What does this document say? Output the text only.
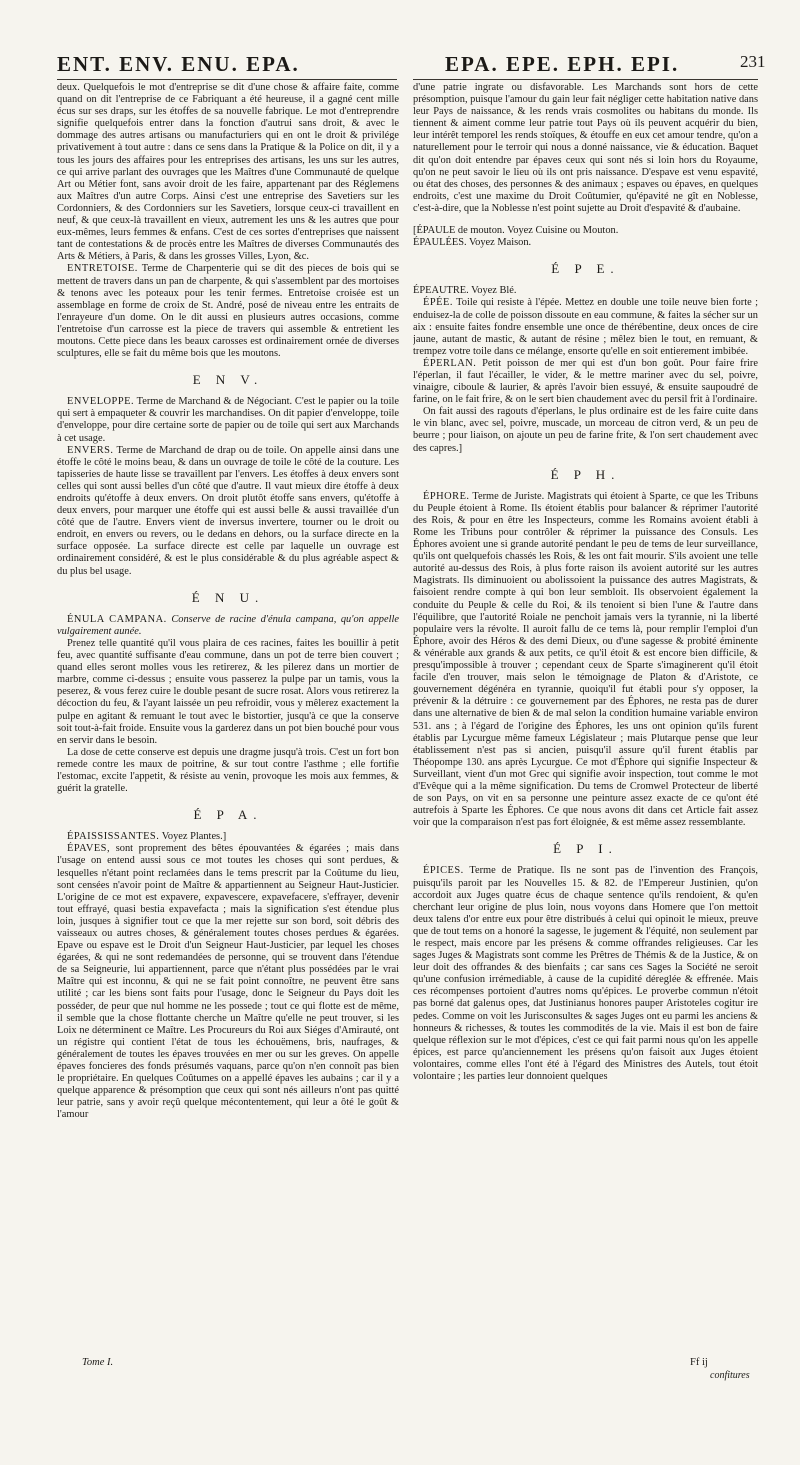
ENT. ENV. ENU. EPA.	EPA. EPE. EPH. EPI.	231

deux. Quelquefois le mot d'entreprise se dit d'une chose & affaire faite, comme quand on dit l'entreprise de ce Fabriquant a été heureuse, il a gagné cent mille écus sur ses draps, sur les étoffes de sa nouvelle fabrique. Le mot d'entreprendre signifie quelquefois entrer dans la fonction d'autrui sans droit, & avec le dommage des autres artisans ou manufacturiers qui en ont le droit & privilége privativement à tout autre : dans ce sens dans la Pratique & la Police on dit, il y a tous les jours des affaires pour les entreprises des artisans, les uns sur les autres, ce qui arrive parlant des ouvrages que les Maîtres d'une Communauté de quelque Art ou Métier font, sans avoir droit de les faire, appartenant par des Réglemens aux Maîtres d'un autre Corps. Ainsi c'est une entreprise des Savetiers sur les Cordonniers, & des Cordonniers sur les Savetiers, lorsque ceux-ci travaillent en neuf, & que ceux-là travaillent en vieux, autrement les uns & les autres que pour eux-mêmes, leurs femmes & enfans. C'est de ces sortes d'entreprises que naissent tant de contestations & de procès entre les Maîtres de diverses Communautés des Arts & Métiers, à Paris, & dans les grosses Villes, Lyon, &c.

ENTRETOISE. Terme de Charpenterie qui se dit des pieces de bois qui se mettent de travers dans un pan de charpente, & qui s'assemblent par des mortoises & tenons avec les poteaux pour les tenir fermes. Entretoise croisée est un assemblage en forme de croix de St. André, posé de niveau entre les entraits de l'enrayeure d'un dome. On le dit aussi en plusieurs autres occasions, comme l'entretoise d'un carrosse est la piece de travers qui assemble & entretient les moutons. Cette piece dans les beaux carosses est ordinairement ornée de diverses sculptures, elle se fait du même bois que les moutons.

E N V.

ENVELOPPE. Terme de Marchand & de Négociant. C'est le papier ou la toile qui sert à empaqueter & couvrir les marchandises. On dit papier d'enveloppe, toile d'enveloppe, pour dire certaine sorte de papier ou de toile qui sert aux Marchands à cet usage.

ENVERS. Terme de Marchand de drap ou de toile. On appelle ainsi dans une étoffe le côté le moins beau, & dans un ouvrage de toile le côté de la couture. Les tapisseries de haute lisse se travaillent par l'envers. Les étoffes à deux envers sont celles qui sont aussi belles d'un côté que d'autre. Il vaut mieux dire étoffe à deux endroits qu'étoffe à deux envers. On droit plutôt étoffe sans envers, qu'étoffe à deux envers, pour marquer une étoffe qui est aussi belle & aussi travaillée d'un côté que de l'autre. Envers vient de inversus invertere, tourner ou le droit ou endroit, en envers ou revers, ou le dedans en dehors, ou la surface directe en la surface opposée. La surface directe est celle par laquelle un ouvrage est ordinairement considéré, & est le plus considérable & du plus agréable aspect & du plus bel usage.

É N U.

ÉNULA CAMPANA. Conserve de racine d'énula campana, qu'on appelle vulgairement aunée.

Prenez telle quantité qu'il vous plaira de ces racines, faites les bouillir à petit feu, avec quantité suffisante d'eau commune, dans un pot de terre bien couvert ; quand elles seront molles vous les retirerez, & les pilerez dans un mortier de marbre, comme ci-dessus ; ensuite vous passerez la pulpe par un tamis, vous la peserez, & vous ferez cuire le double pesant de sucre rosat. Alors vous retirerez la décoction du feu, & l'ayant laissée un peu refroidir, vous y mêlerez exactement la pulpe en agitant & remuant le tout avec le bistortier, jusqu'à ce que la conserve soit tout-à-fait froide. Ensuite vous la garderez dans un pot bien bouché pour vous en servir dans le besoin.

La dose de cette conserve est depuis une dragme jusqu'à trois. C'est un fort bon remede contre les maux de poitrine, & sur tout contre l'asthme ; elle fortifie l'estomac, excite l'appetit, & résiste au venin, provoque les mois aux femmes, & guérit la gratelle.

É P A.

ÉPAISSISSANTES. Voyez Plantes.]

ÉPAVES, sont proprement des bêtes épouvantées & égarées ; mais dans l'usage on entend aussi sous ce mot toutes les choses qui sont perdues, & lesquelles n'étant point reclamées dans le tems prescrit par la Coûtume du lieu, sont censées n'avoir point de Maître & appartiennent au Seigneur Haut-Justicier. L'origine de ce mot est expavere, expavescere, expavefacere, s'effrayer, devenir tout effrayé, quasi bestia expavefacta ; mais la signification s'est étendue plus loin, jusques à signifier tout ce que la mer rejette sur son bord, soit débris des vaisseaux ou autres choses, & généralement toutes choses perdues & égarées. Epave ou espave est le Droit d'un Seigneur Haut-Justicier, par lequel les choses égarées, & qui ne sont redemandées de personne, qui se trouvent dans l'étendue de sa Seigneurie, lui appartiennent, parce que n'étant plus possédées par le vrai Maître qui est inconnu, & qui ne se fait point connoître, ne peuvent être sans utilité ; car les biens sont faits pour l'usage, donc le Seigneur du Pays doit les posséder, de peur que nul homme ne les possede ; tout ce qui flotte est de même, il semble que la chose flottante cherche un Maître qu'elle ne peut trouver, si les Loix ne déterminent ce Maître. Les Procureurs du Roi aux Siéges d'Amirauté, ont un régistre qui contient l'état de tous les échouëmens, bris, naufrages, & généralement de toutes les épaves trouvées en mer ou sur les greves. On appelle épaves foncieres des fonds présumés vaquans, parce qu'on n'en connoît pas bien le propriétaire. En quelques Coûtumes on a appellé épaves les aubains ; car il y a quelque apparence & présomption que ceux qui sont nés ailleurs n'ont pas quitté leur patrie, sans y avoir reçû quelque mécontentement, qui leur a ôté le goût & l'amour

d'une patrie ingrate ou disfavorable. Les Marchands sont hors de cette présomption, puisque l'amour du gain leur fait négliger cette habitation native dans leur Pays de naissance, & les rends vrais cosmolites ou habitans du monde. Ils tiennent & aiment comme leur patrie tout Pays où ils peuvent acquérir du bien, leur intérêt temporel les rends stoïques, & étouffe en eux cet amour tendre, qu'on a naturellement pour le terroir qui nous a donné naissance, vie & éducation. Baquet dit qu'on doit entendre par épaves ceux qui sont nés si loin hors du Royaume, qu'on ne peut savoir le lieu où ils ont pris naissance. D'espave est venu espavité, ou état des choses, des personnes & des animaux ; espaves ou épaves, en quelques endroits, c'est une maxime du Droit Coûtumier, qu'épavité ne gît en Noblesse, c'est-à-dire, que la Noblesse n'est point sujette au Droit d'espavité & d'aubaine.

[ÉPAULE de mouton. Voyez Cuisine ou Mouton.

ÉPAULÉES. Voyez Maison.

É P E.

ÉPEAUTRE. Voyez Blé.

ÉPÉE. Toile qui resiste à l'épée. Mettez en double une toile neuve bien forte ; enduisez-la de colle de poisson dissoute en eau commune, & faites la sécher sur un aix : ensuite faites fondre ensemble une once de thérébentine, deux onces de cire jaune, autant de mastic, & autant de résine ; mêlez bien le tout, en remuant, & trempez votre toile dans ce mélange, ensorte qu'elle en soit entierement imbibée.

ÉPERLAN. Petit poisson de mer qui est d'un bon goût. Pour faire frire l'éperlan, il faut l'écailler, le vider, & le mettre mariner avec du sel, poivre, vinaigre, ciboule & laurier, & après l'avoir bien essuyé, & ensuite saupoudré de farine, on le fait frire, & on le sert bien chaudement avec du persil frit à l'ordinaire.

On fait aussi des ragouts d'éperlans, le plus ordinaire est de les faire cuite dans le vin blanc, avec sel, poivre, muscade, un morceau de citron verd, & un peu de beurre ; pour liaison, on ajoute un peu de farine frite, & l'on sert chaudement avec des capres.]

É P H.

ÉPHORE. Terme de Juriste. Magistrats qui étoient à Sparte, ce que les Tribuns du Peuple étoient à Rome. Ils étoient établis pour balancer & réprimer l'autorité des Rois, & pour en être les Inspecteurs, comme les Romains avoient établi à Rome les Tribuns pour contrôler & réprimer la puissance des Consuls. Les Éphores avoient une si grande autorité pendant le peu de tems de leur surveillance, qu'ils ont quelquefois chassés les Rois, & les ont fait mourir. S'ils avoient une telle autorité au-dessus des Rois, à plus forte raison ils avoient autorité sur les autres Magistrats. Ils diminuoient ou abolissoient la puissance des autres Magistrats, & faisoient rendre compte à qui bon leur sembloit. Ils observoient également la conduite du Peuple & celle du Roi, & ils tenoient si bien l'une & l'autre dans l'équilibre, que l'autorité Roiale ne penchoit jamais vers la tyrannie, ni la liberté populaire vers la révolte. Il auroit fallu de ce tems là, pour remplir l'emploi d'un Éphore, avoir des Héros & des demi Dieux, ou d'une sagesse & probité éminente & vénérable aux grands & aux petits, ce qu'il étoit & est encore bien difficile, & presqu'impossible à trouver ; cependant ceux de Sparte s'imaginerent qu'il étoit facile d'en trouver, mais selon le témoignage de Platon & d'Aristote, ce gouvernement dégénéra en tyrannie, quoiqu'il fut établi pour s'y opposer, la prévenir & la détruire : ce gouvernement par des Éphores, ne resta pas de durer dans une alternative de bien & de mal selon la condition humaine variable environ 531. ans ; à l'égard de l'origine des Éphores, les uns ont opinion qu'ils furent établis par Lycurgue même fameux Législateur ; mais Plutarque pense que leur établissement n'est pas si ancien, puisqu'il assure qu'il furent établis par Théopompe 130. ans après Lycurgue. Ce mot d'Éphore qui signifie Inspecteur & Surveillant, vient d'un mot Grec qui signifie avoir inspection, tout comme le mot d'Evêque qui a la même signification. Du tems de Cromwel Protecteur de liberté de son Pays, on vit en sa personne une peinture assez exacte de ce qu'ont été autrefois à Sparte les Éphores. Ce que nous avons dit dans cet Article fait assez voir que la comparaison n'est pas fort éloignée, & est même assez ressemblante.

É P I.

ÉPICES. Terme de Pratique. Ils ne sont pas de l'invention des François, puisqu'ils paroit par les Nouvelles 15. & 82. de l'Empereur Justinien, qu'on accordoit aux Juges quatre écus de chaque sentence qu'ils rendoient, & qu'en cherchant leur origine de plus loin, nous voyons dans Homere que l'on mettoit deux talens d'or entre eux pour être distribués à celui qui opinoit le mieux, preuve que de tout tems on a honoré la sagesse, le jugement & l'équité, non seulement par le respect, mais encore par les présens & comme offrandes religieuses. Car les sages Juges & Magistrats sont comme les Prêtres de Thémis & de la Justice, & on leur doit des offrandes & des bienfaits ; car sans ces Sages la Société ne seroit qu'une confusion irrémediable, à cause de la cupidité déreglée & effrenée. Mais ces récompenses portoient d'autres noms qu'épices. Le proverbe commun n'étoit pas borné dat galenus opes, dat Justinianus honores pauper Aristoteles cogitur ire pedes. Comme on voit les Jurisconsultes & sages Juges ont eu parmi les anciens & honneurs & richesses, & toutes les commodités de la vie. Mais il est bon de faire quelque réflexion sur le mot d'épices, c'est ce qui fait parmi nous qu'on les appelle épices, est parce qu'anciennement les présens qu'on faisoit aux Juges étoient volontaires, comme elles l'ont été à l'égard des Ministres des Autels, tout étoit volontaire ; les parties leur donnoient quelques

Tome I.	Ff ij
confitures
